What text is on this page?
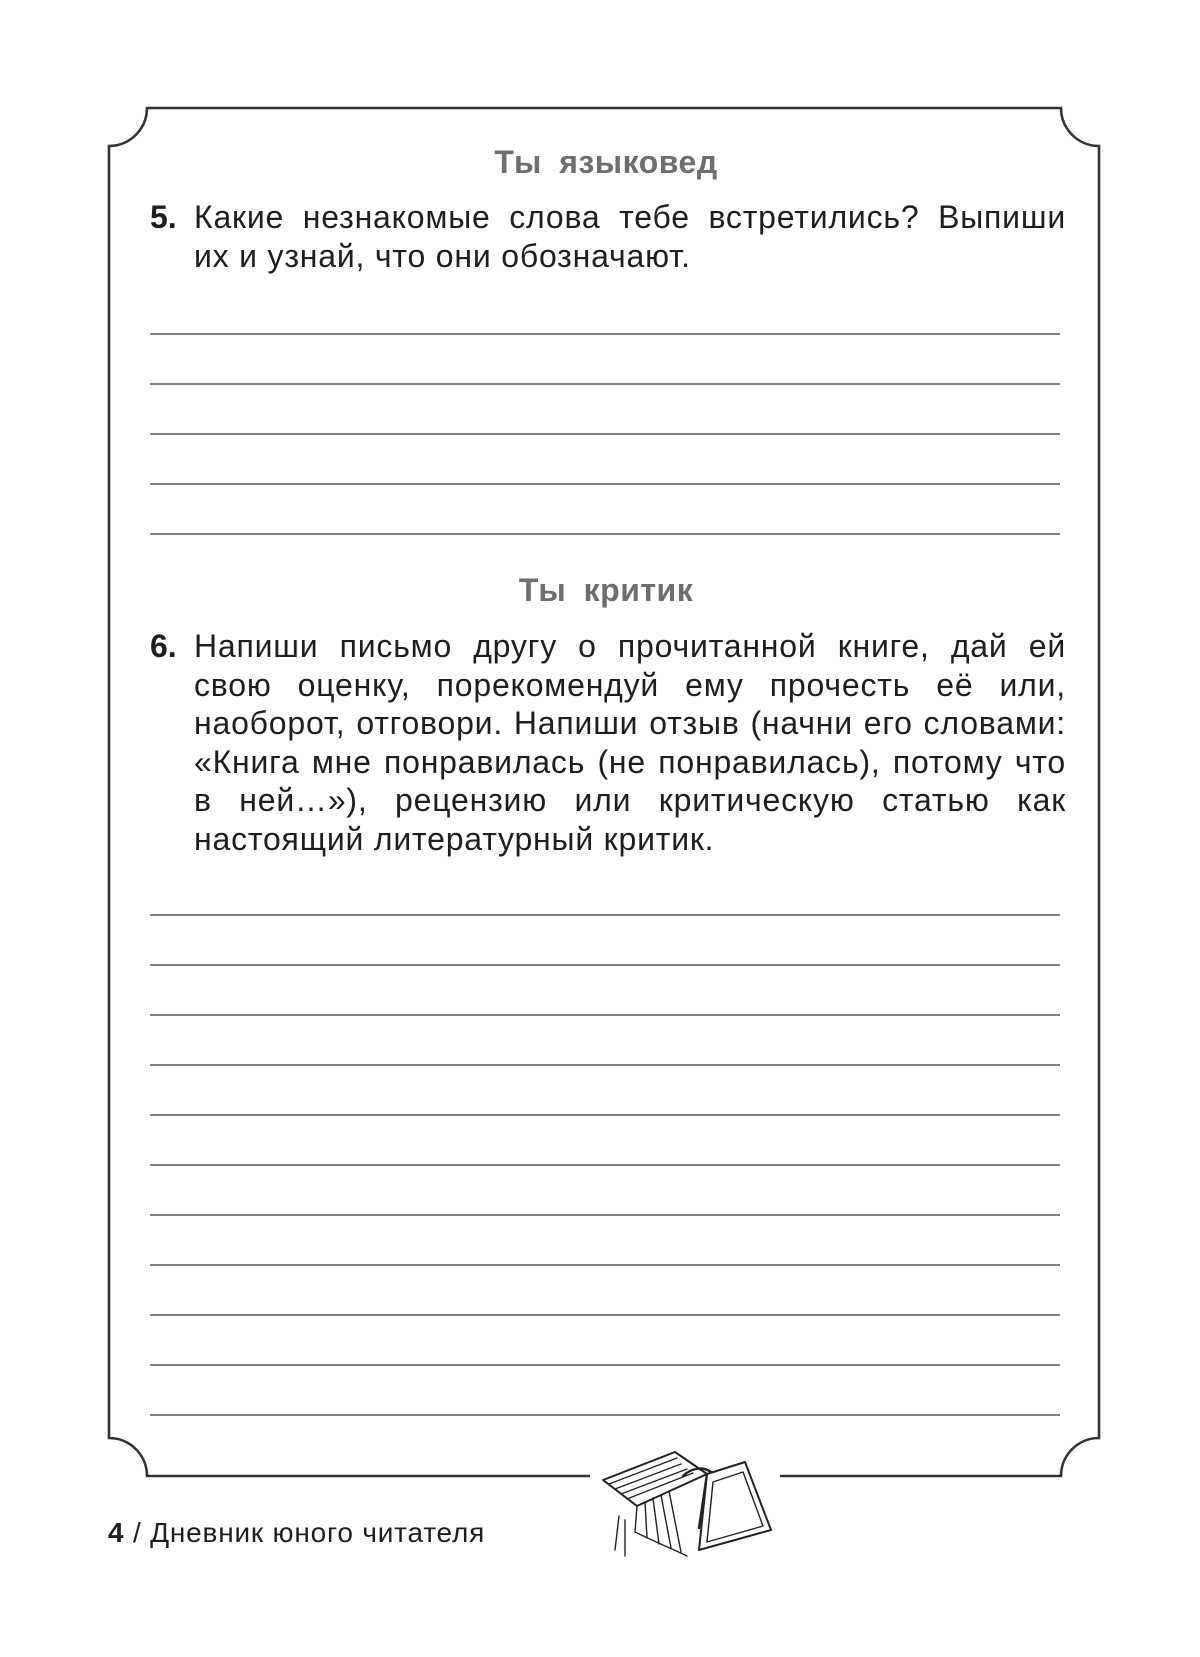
Ты языковед
5. Какие незнакомые слова тебе встретились? Выпиши их и узнай, что они обозначают.
Ты критик
6. Напиши письмо другу о прочитанной книге, дай ей свою оценку, порекомендуй ему прочесть её или, наоборот, отговори. Напиши отзыв (начни его словами: «Книга мне понравилась (не понравилась), потому что в ней…»), рецензию или критическую статью как настоящий литературный критик.
4 / Дневник юного читателя
